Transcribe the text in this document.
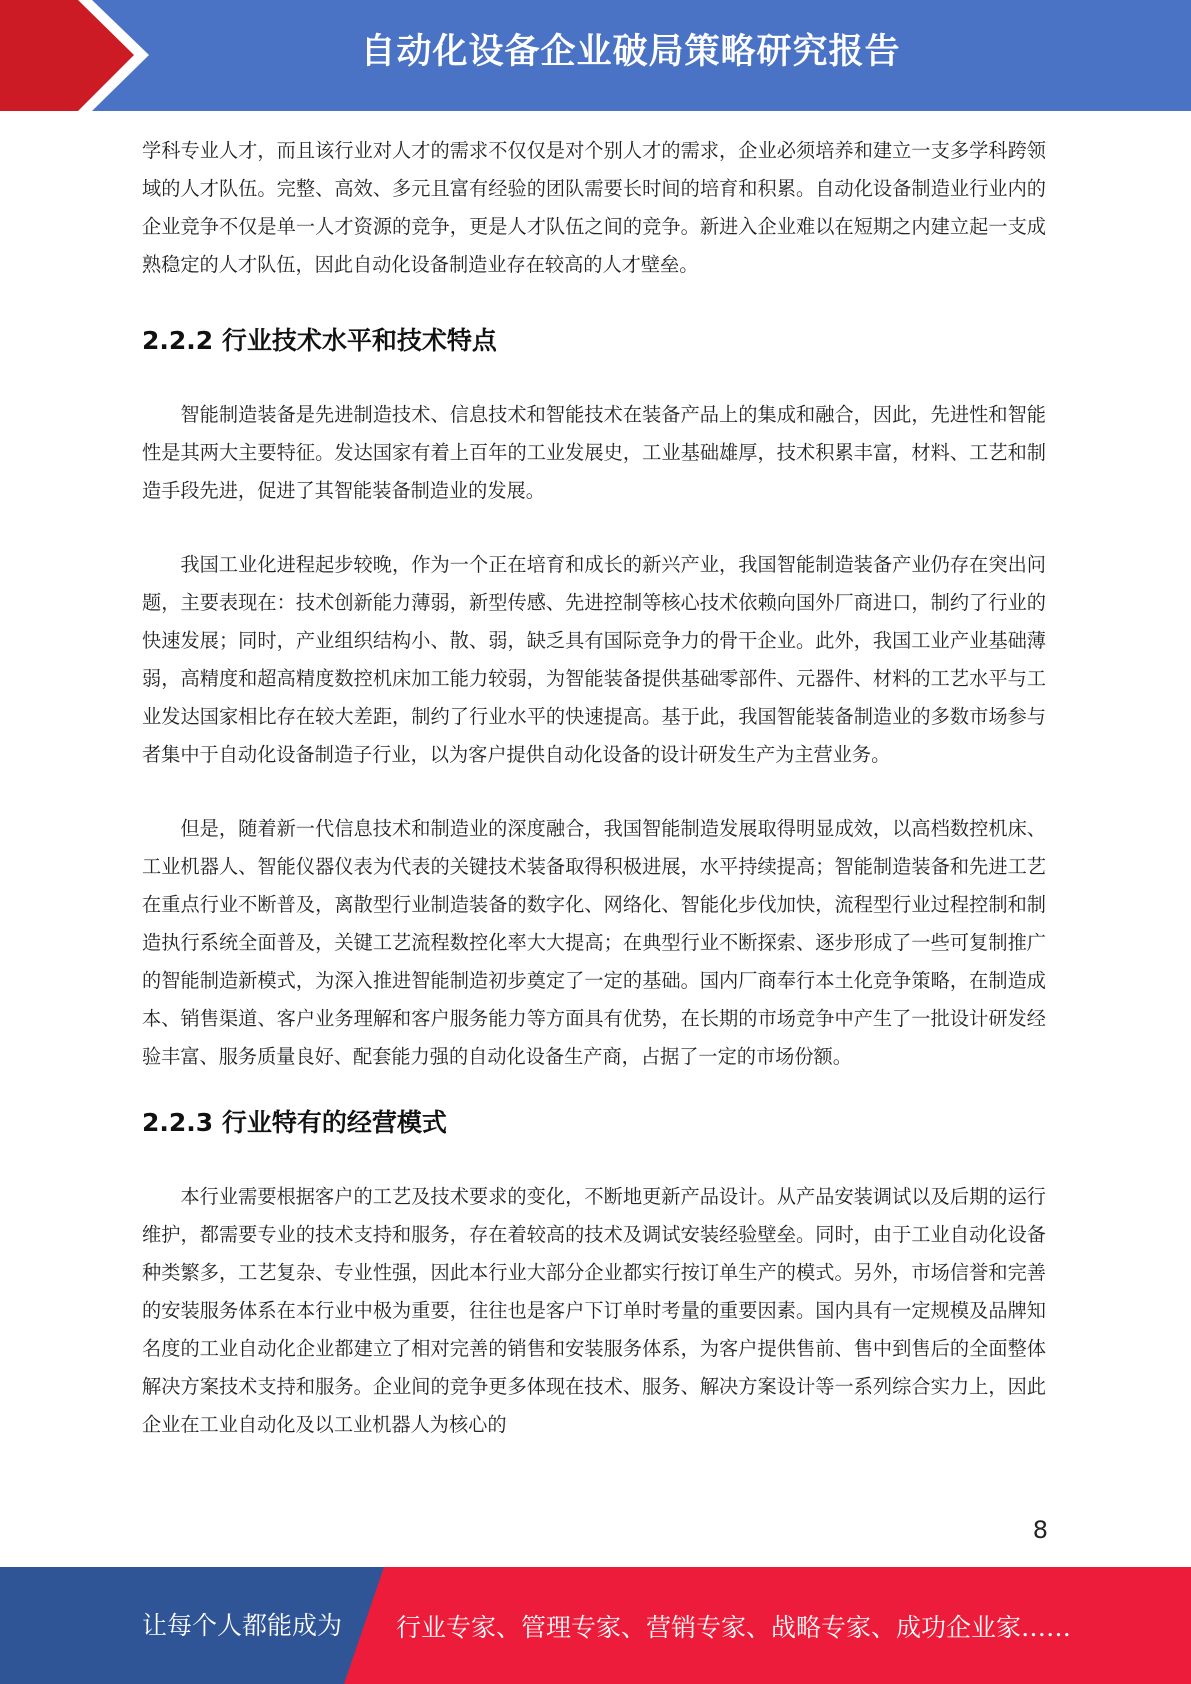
自动化设备企业破局策略研究报告

学科专业人才，而且该行业对人才的需求不仅仅是对个别人才的需求，企业必须培养和建立一支多学科跨领域的人才队伍。完整、高效、多元且富有经验的团队需要长时间的培育和积累。自动化设备制造业行业内的企业竞争不仅是单一人才资源的竞争，更是人才队伍之间的竞争。新进入企业难以在短期之内建立起一支成熟稳定的人才队伍，因此自动化设备制造业存在较高的人才壁垒。

2.2.2 行业技术水平和技术特点

智能制造装备是先进制造技术、信息技术和智能技术在装备产品上的集成和融合，因此，先进性和智能性是其两大主要特征。发达国家有着上百年的工业发展史，工业基础雄厚，技术积累丰富，材料、工艺和制造手段先进，促进了其智能装备制造业的发展。

我国工业化进程起步较晚，作为一个正在培育和成长的新兴产业，我国智能制造装备产业仍存在突出问题，主要表现在：技术创新能力薄弱，新型传感、先进控制等核心技术依赖向国外厂商进口，制约了行业的快速发展；同时，产业组织结构小、散、弱，缺乏具有国际竞争力的骨干企业。此外，我国工业产业基础薄弱，高精度和超高精度数控机床加工能力较弱，为智能装备提供基础零部件、元器件、材料的工艺水平与工业发达国家相比存在较大差距，制约了行业水平的快速提高。基于此，我国智能装备制造业的多数市场参与者集中于自动化设备制造子行业，以为客户提供自动化设备的设计研发生产为主营业务。

但是，随着新一代信息技术和制造业的深度融合，我国智能制造发展取得明显成效，以高档数控机床、工业机器人、智能仪器仪表为代表的关键技术装备取得积极进展，水平持续提高；智能制造装备和先进工艺在重点行业不断普及，离散型行业制造装备的数字化、网络化、智能化步伐加快，流程型行业过程控制和制造执行系统全面普及，关键工艺流程数控化率大大提高；在典型行业不断探索、逐步形成了一些可复制推广的智能制造新模式，为深入推进智能制造初步奠定了一定的基础。国内厂商奉行本土化竞争策略，在制造成本、销售渠道、客户业务理解和客户服务能力等方面具有优势，在长期的市场竞争中产生了一批设计研发经验丰富、服务质量良好、配套能力强的自动化设备生产商，占据了一定的市场份额。

2.2.3 行业特有的经营模式

本行业需要根据客户的工艺及技术要求的变化，不断地更新产品设计。从产品安装调试以及后期的运行维护，都需要专业的技术支持和服务，存在着较高的技术及调试安装经验壁垒。同时，由于工业自动化设备种类繁多，工艺复杂、专业性强，因此本行业大部分企业都实行按订单生产的模式。另外，市场信誉和完善的安装服务体系在本行业中极为重要，往往也是客户下订单时考量的重要因素。国内具有一定规模及品牌知名度的工业自动化企业都建立了相对完善的销售和安装服务体系，为客户提供售前、售中到售后的全面整体解决方案技术支持和服务。企业间的竞争更多体现在技术、服务、解决方案设计等一系列综合实力上，因此企业在工业自动化及以工业机器人为核心的

8
让每个人都能成为 行业专家、管理专家、营销专家、战略专家、成功企业家……
